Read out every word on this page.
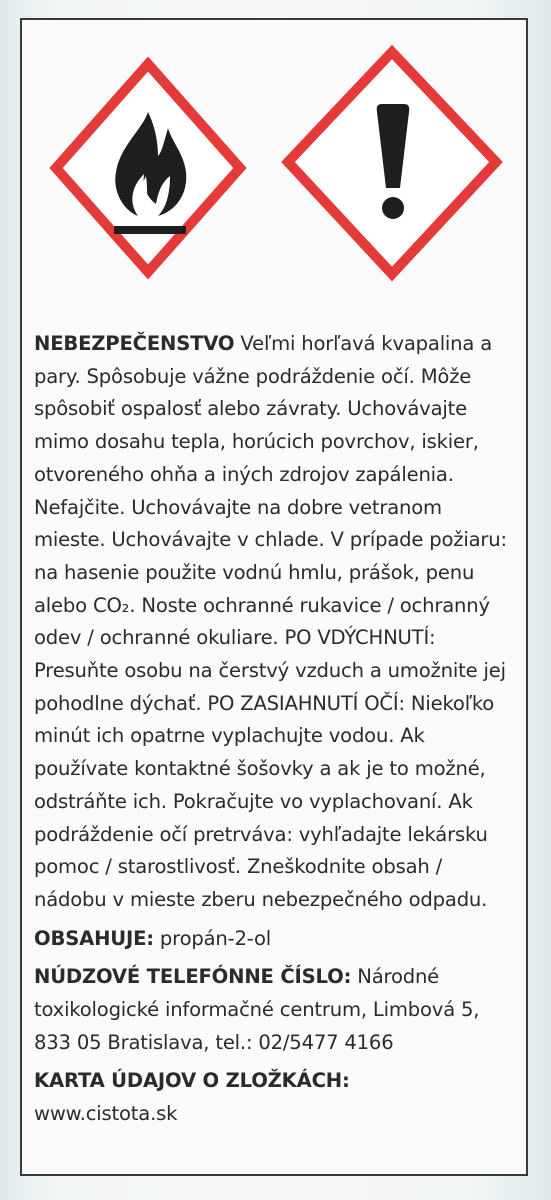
NEBEZPEČENSTVO Veľmi horľavá kvapalina a pary. Spôsobuje vážne podráždenie očí. Môže spôsobiť ospalosť alebo závraty. Uchovávajte mimo dosahu tepla, horúcich povrchov, iskier, otvoreného ohňa a iných zdrojov zapálenia. Nefajčite. Uchovávajte na dobre vetranom mieste. Uchovávajte v chlade. V prípade požiaru: na hasenie použite vodnú hmlu, prášok, penu alebo CO₂. Noste ochranné rukavice / ochranný odev / ochranné okuliare. PO VDÝCHNUTÍ: Presuňte osobu na čerstvý vzduch a umožnite jej pohodlne dýchať. PO ZASIAHNUTÍ OČÍ: Niekoľko minút ich opatrne vyplachujte vodou. Ak používate kontaktné šošovky a ak je to možné, odstráňte ich. Pokračujte vo vyplachovaní. Ak podráždenie očí pretrváva: vyhľadajte lekársku pomoc / starostlivosť. Zneškodnite obsah / nádobu v mieste zberu nebezpečného odpadu.

OBSAHUJE: propán-2-ol

NÚDZOVÉ TELEFÓNNE ČÍSLO: Národné toxikologické informačné centrum, Limbová 5, 833 05 Bratislava, tel.: 02/5477 4166

KARTA ÚDAJOV O ZLOŽKÁCH:

www.cistota.sk
